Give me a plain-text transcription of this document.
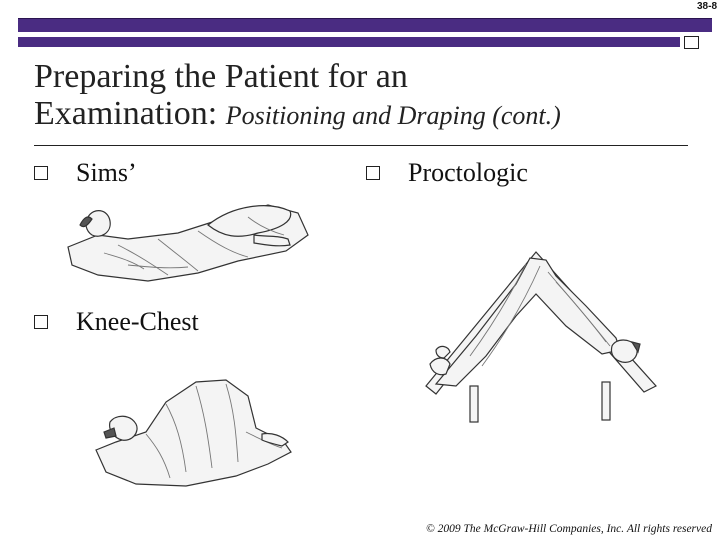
38-8
Preparing the Patient for an
Examination: Positioning and Draping (cont.)
Sims’	Proctologic
Knee-Chest
© 2009 The McGraw-Hill Companies, Inc. All rights reserved
